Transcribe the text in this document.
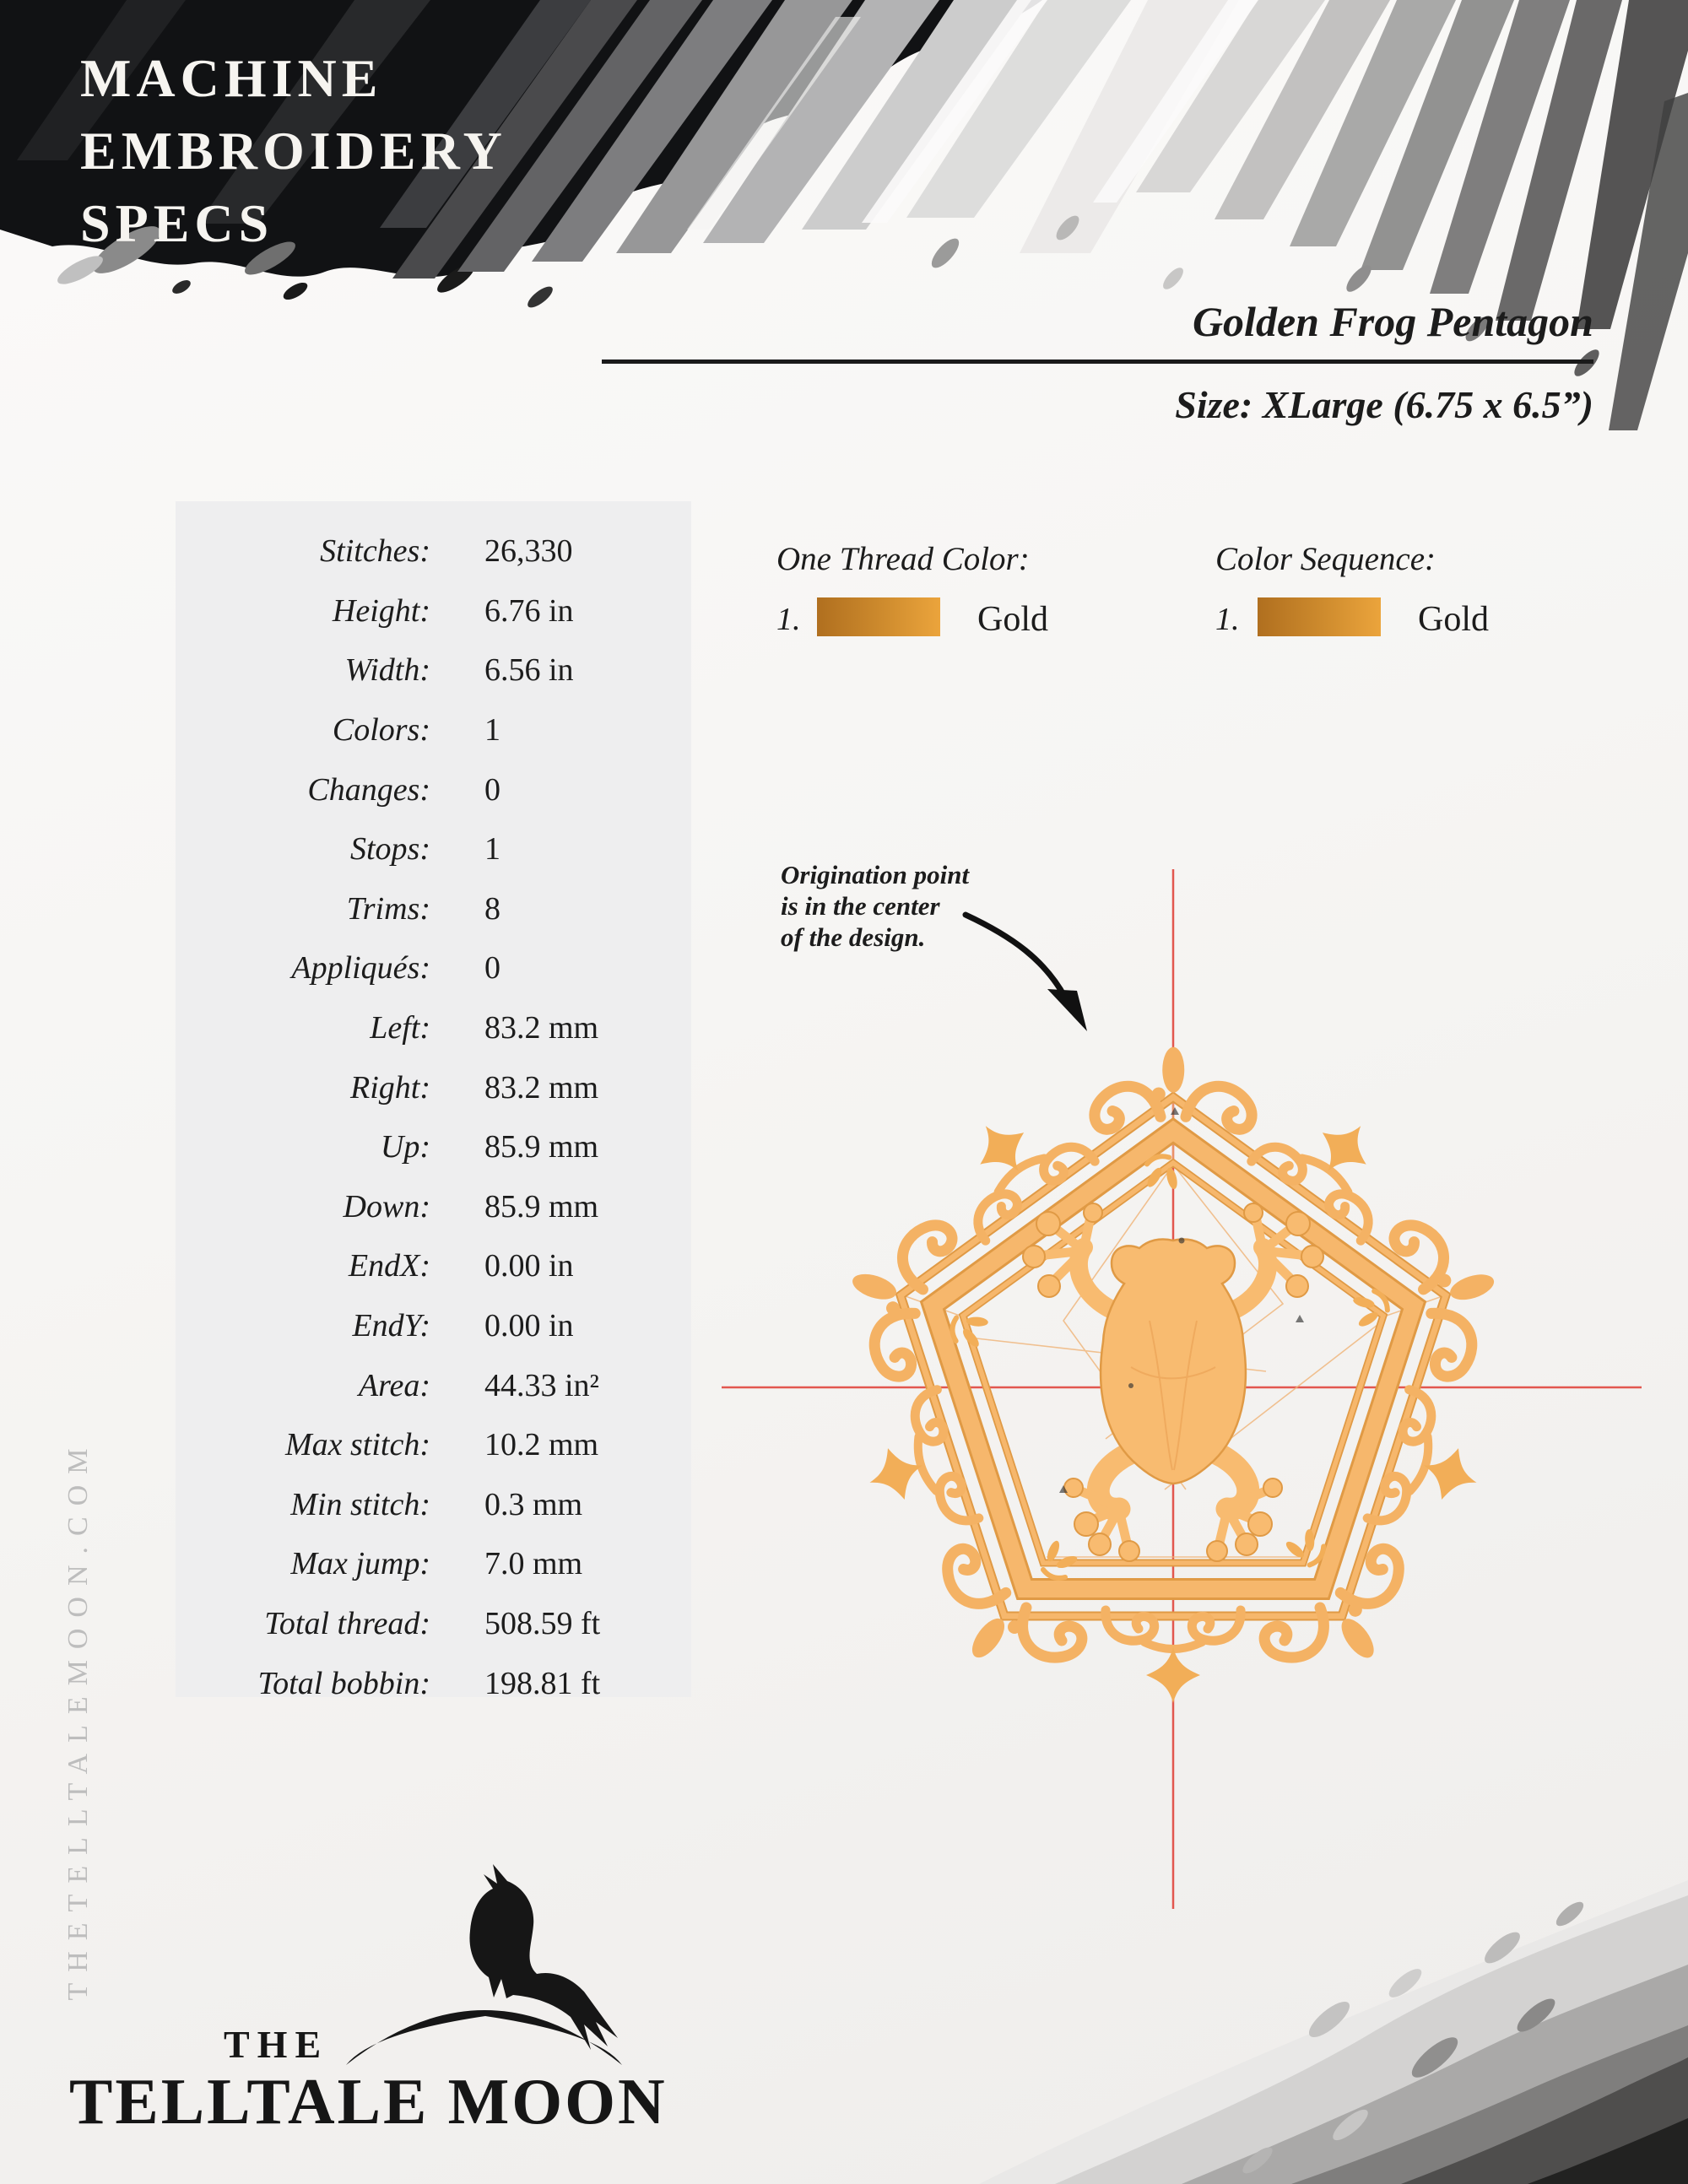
MACHINE
EMBROIDERY
SPECS
Golden Frog Pentagon
Size: XLarge (6.75 x 6.5”)
Stitches: 26,330
Height: 6.76 in
Width: 6.56 in
Colors: 1
Changes: 0
Stops: 1
Trims: 8
Appliqués: 0
Left: 83.2 mm
Right: 83.2 mm
Up: 85.9 mm
Down: 85.9 mm
EndX: 0.00 in
EndY: 0.00 in
Area: 44.33 in²
Max stitch: 10.2 mm
Min stitch: 0.3 mm
Max jump: 7.0 mm
Total thread: 508.59 ft
Total bobbin: 198.81 ft
One Thread Color:
1.	Gold
Color Sequence:
1.	Gold
Origination point
is in the center
of the design.
THETELLTALEMOON.COM
THE
TELLTALE MOON
